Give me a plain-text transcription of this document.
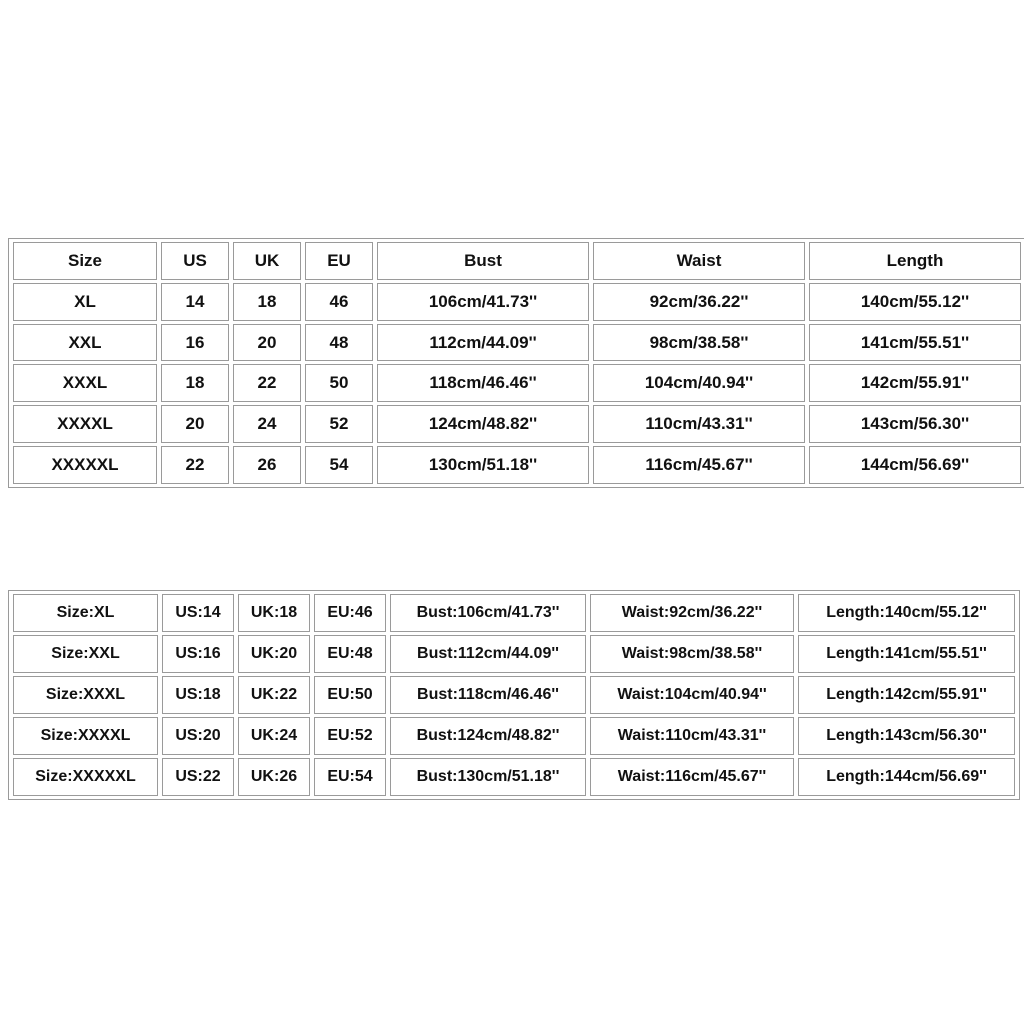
Size	US	UK	EU	Bust	Waist	Length
XL	14	18	46	106cm/41.73''	92cm/36.22''	140cm/55.12''
XXL	16	20	48	112cm/44.09''	98cm/38.58''	141cm/55.51''
XXXL	18	22	50	118cm/46.46''	104cm/40.94''	142cm/55.91''
XXXXL	20	24	52	124cm/48.82''	110cm/43.31''	143cm/56.30''
XXXXXL	22	26	54	130cm/51.18''	116cm/45.67''	144cm/56.69''
Size:XL	US:14	UK:18	EU:46	Bust:106cm/41.73''	Waist:92cm/36.22''	Length:140cm/55.12''
Size:XXL	US:16	UK:20	EU:48	Bust:112cm/44.09''	Waist:98cm/38.58''	Length:141cm/55.51''
Size:XXXL	US:18	UK:22	EU:50	Bust:118cm/46.46''	Waist:104cm/40.94''	Length:142cm/55.91''
Size:XXXXL	US:20	UK:24	EU:52	Bust:124cm/48.82''	Waist:110cm/43.31''	Length:143cm/56.30''
Size:XXXXXL	US:22	UK:26	EU:54	Bust:130cm/51.18''	Waist:116cm/45.67''	Length:144cm/56.69''
